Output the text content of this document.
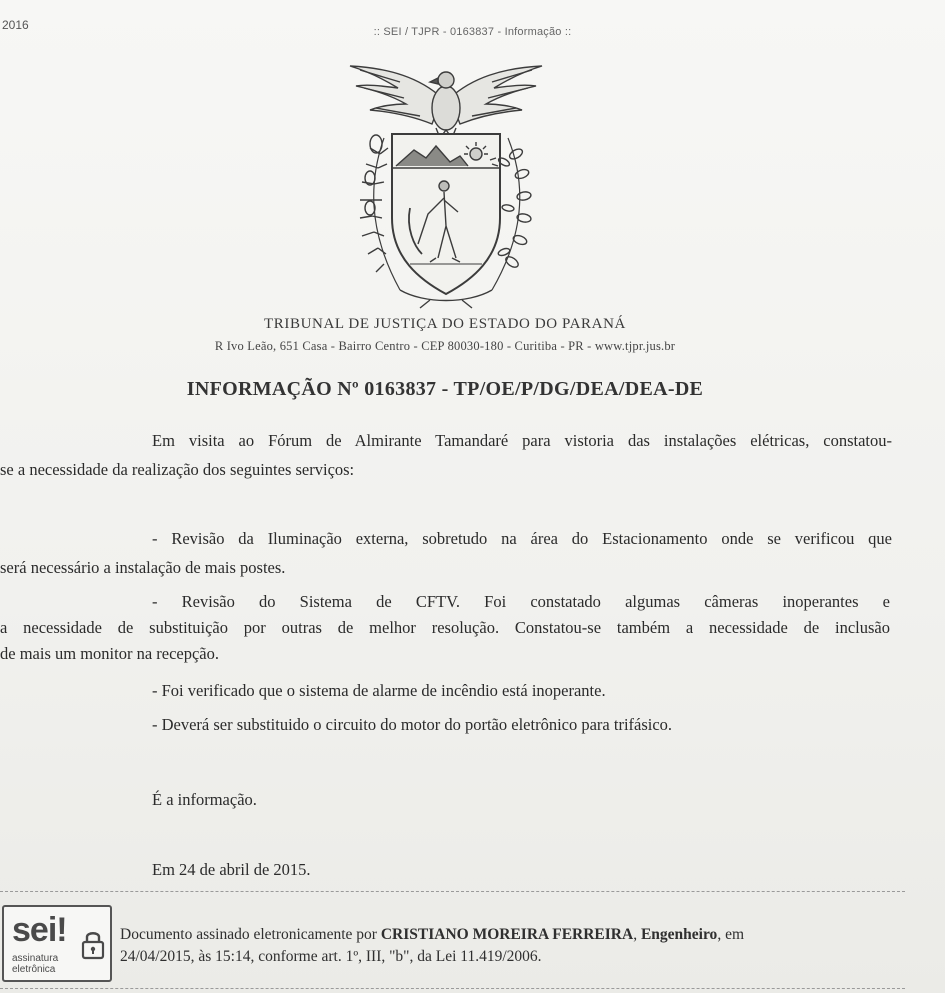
2016	:: SEI / TJPR - 0163837 - Informação ::
TRIBUNAL DE JUSTIÇA DO ESTADO DO PARANÁ
R Ivo Leão, 651 Casa - Bairro Centro - CEP 80030-180 - Curitiba - PR - www.tjpr.jus.br
INFORMAÇÃO Nº 0163837 - TP/OE/P/DG/DEA/DEA-DE
Em visita ao Fórum de Almirante Tamandaré para vistoria das instalações elétricas, constatou-
se a necessidade da realização dos seguintes serviços:
- Revisão da Iluminação externa, sobretudo na área do Estacionamento onde se verificou que
será necessário a instalação de mais postes.
- Revisão do Sistema de CFTV. Foi constatado algumas câmeras inoperantes e
a necessidade de substituição por outras de melhor resolução. Constatou-se também a necessidade de inclusão
de mais um monitor na recepção.
- Foi verificado que o sistema de alarme de incêndio está inoperante.
- Deverá ser substituido o circuito do motor do portão eletrônico para trifásico.
É a informação.
Em 24 de abril de 2015.
sei!
assinatura
eletrônica
Documento assinado eletronicamente por CRISTIANO MOREIRA FERREIRA, Engenheiro, em
24/04/2015, às 15:14, conforme art. 1º, III, "b", da Lei 11.419/2006.
